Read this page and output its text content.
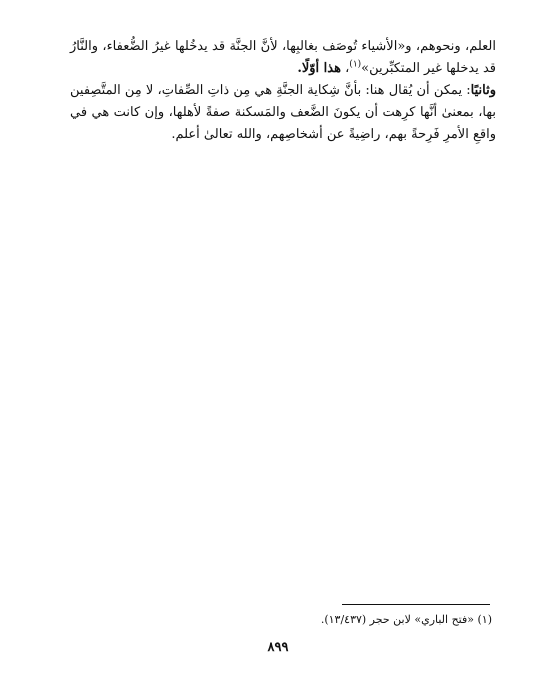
العلم، ونحوهم، و«الأشياء تُوصَف بغالبِها، لأنَّ الجنَّة قد يدخُلها غيرُ الضُّعفاء، والنَّارُ قد يدخلها غير المتكبِّرين»$^{(١)}$، هذا أوّلًا.

وثانيًا: يمكن أن يُقال هنا: بأنَّ شِكاية الجنَّةِ هي مِن ذاتِ الصِّفاتِ، لا مِن المتَّصِفين بها، بمعنىٰ أنَّها كرِهت أن يكونَ الضَّعف والمَسكنة صفةً لأهلها، وإن كانت هي في واقعِ الأمرِ فَرِحةً بهم، راضِيةً عن أشخاصِهم، والله تعالىٰ أعلم.

(١) «فتح الباري» لابن حجر (١٣/٤٣٧).
٨٩٩
